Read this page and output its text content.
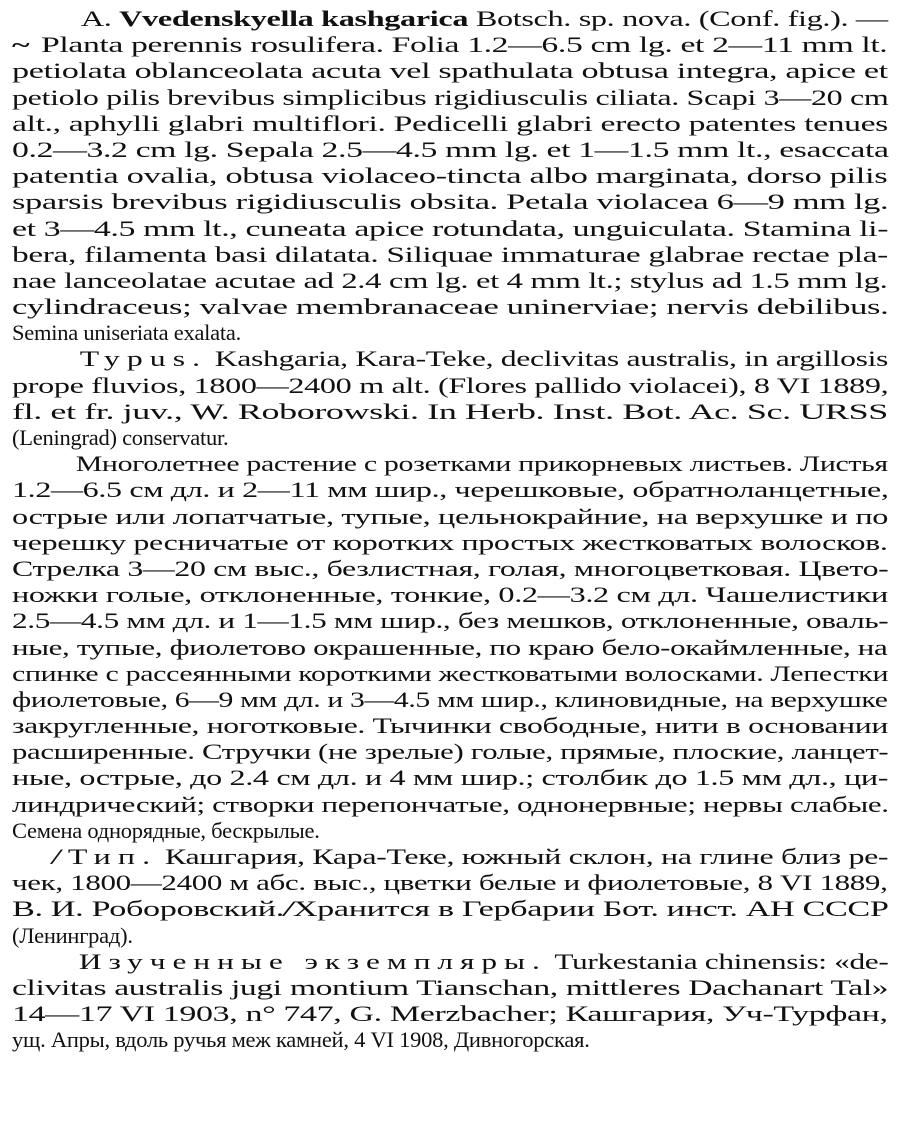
A. Vvedenskyella kashgarica Botsch. sp. nova. (Conf. fig.). —
~ Planta perennis rosulifera. Folia 1.2—6.5 cm lg. et 2—11 mm lt.
petiolata oblanceolata acuta vel spathulata obtusa integra, apice et
petiolo pilis brevibus simplicibus rigidiusculis ciliata. Scapi 3—20 cm
alt., aphylli glabri multiflori. Pedicelli glabri erecto patentes tenues
0.2—3.2 cm lg. Sepala 2.5—4.5 mm lg. et 1—1.5 mm lt., esaccata
patentia ovalia, obtusa violaceo-tincta albo marginata, dorso pilis
sparsis brevibus rigidiusculis obsita. Petala violacea 6—9 mm lg.
et 3—4.5 mm lt., cuneata apice rotundata, unguiculata. Stamina li-
bera, filamenta basi dilatata. Siliquae immaturae glabrae rectae pla-
nae lanceolatae acutae ad 2.4 cm lg. et 4 mm lt.; stylus ad 1.5 mm lg.
cylindraceus; valvae membranaceae uninerviae; nervis debilibus.
Semina uniseriata exalata.
Typus. Kashgaria, Kara-Teke, declivitas australis, in argillosis
prope fluvios, 1800—2400 m alt. (Flores pallido violacei), 8 VI 1889,
fl. et fr. juv., W. Roborowski. In Herb. Inst. Bot. Ac. Sc. URSS
(Leningrad) conservatur.
Многолетнее растение с розетками прикорневых листьев. Листья
1.2—6.5 см дл. и 2—11 мм шир., черешковые, обратноланцетные,
острые или лопатчатые, тупые, цельнокрайние, на верхушке и по
черешку ресничатые от коротких простых жестковатых волосков.
Стрелка 3—20 см выс., безлистная, голая, многоцветковая. Цвето-
ножки голые, отклоненные, тонкие, 0.2—3.2 см дл. Чашелистики
2.5—4.5 мм дл. и 1—1.5 мм шир., без мешков, отклоненные, оваль-
ные, тупые, фиолетово окрашенные, по краю бело-окаймленные, на
спинке с рассеянными короткими жестковатыми волосками. Лепестки
фиолетовые, 6—9 мм дл. и 3—4.5 мм шир., клиновидные, на верхушке
закругленные, ноготковые. Тычинки свободные, нити в основании
расширенные. Стручки (не зрелые) голые, прямые, плоские, ланцет-
ные, острые, до 2.4 см дл. и 4 мм шир.; столбик до 1.5 мм дл., ци-
линдрический; створки перепончатые, однонервные; нервы слабые.
Семена однорядные, бескрылые.
/ Тип. Кашгария, Кара-Теке, южный склон, на глине близ ре-
чек, 1800—2400 м абс. выс., цветки белые и фиолетовые, 8 VI 1889,
В. И. Роборовский./Хранится в Гербарии Бот. инст. АН СССР
(Ленинград).
Изученные экземпляры. Turkestania chinensis: «de-
clivitas australis jugi montium Tianschan, mittleres Dachanart Tal»
14—17 VI 1903, n° 747, G. Merzbacher; Кашгария, Уч-Турфан,
ущ. Апры, вдоль ручья меж камней, 4 VI 1908, Дивногорская.
